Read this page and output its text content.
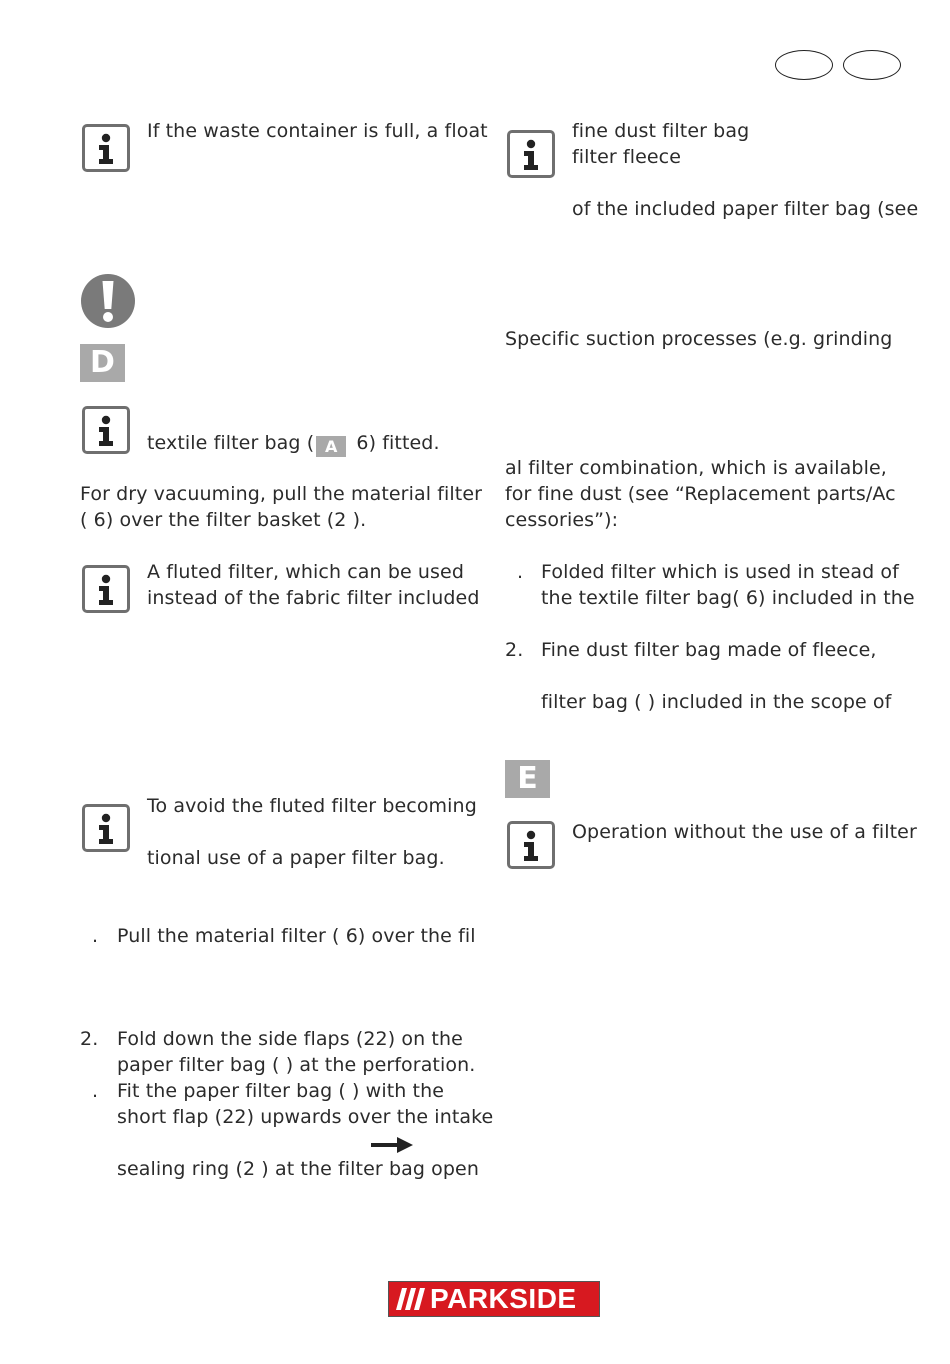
If the waste container is full, a float
D
textile filter bag ( A 6) fitted.
For dry vacuuming, pull the material filter
( 6) over the filter basket (2 ).
A fluted filter, which can be used
instead of the fabric filter included
To avoid the fluted filter becoming
tional use of a paper filter bag.
. Pull the material filter ( 6) over the fil
2. Fold down the side flaps (22) on the
paper filter bag ( ) at the perforation.
. Fit the paper filter bag ( ) with the
short flap (22) upwards over the intake
sealing ring (2 ) at the filter bag open
fine dust filter bag
filter fleece
of the included paper filter bag (see
Specific suction processes (e.g. grinding
al filter combination, which is available,
for fine dust (see “Replacement parts/Ac
cessories”):
. Folded filter which is used in stead of
the textile filter bag( 6) included in the
2. Fine dust filter bag made of fleece,
filter bag ( ) included in the scope of
E
Operation without the use of a filter
PARKSIDE
